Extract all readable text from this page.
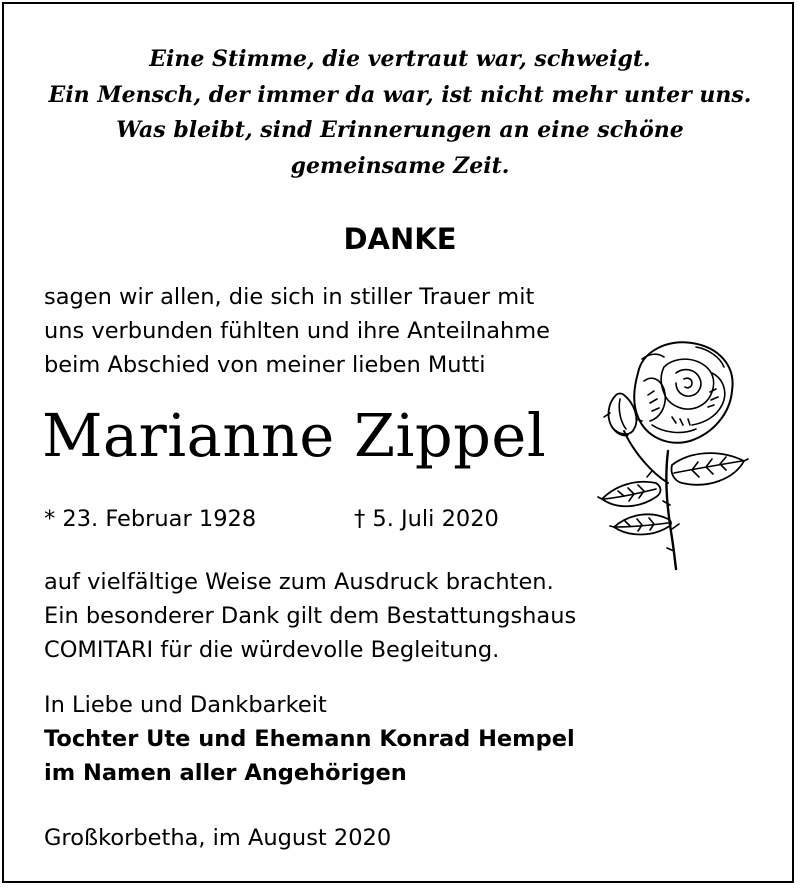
Eine Stimme, die vertraut war, schweigt.
Ein Mensch, der immer da war, ist nicht mehr unter uns.
Was bleibt, sind Erinnerungen an eine schöne
gemeinsame Zeit.

DANKE

sagen wir allen, die sich in stiller Trauer mit
uns verbunden fühlten und ihre Anteilnahme
beim Abschied von meiner lieben Mutti

Marianne Zippel
* 23. Februar 1928	† 5. Juli 2020

auf vielfältige Weise zum Ausdruck brachten.
Ein besonderer Dank gilt dem Bestattungshaus
COMITARI für die würdevolle Begleitung.

In Liebe und Dankbarkeit
Tochter Ute und Ehemann Konrad Hempel
im Namen aller Angehörigen

Großkorbetha, im August 2020
